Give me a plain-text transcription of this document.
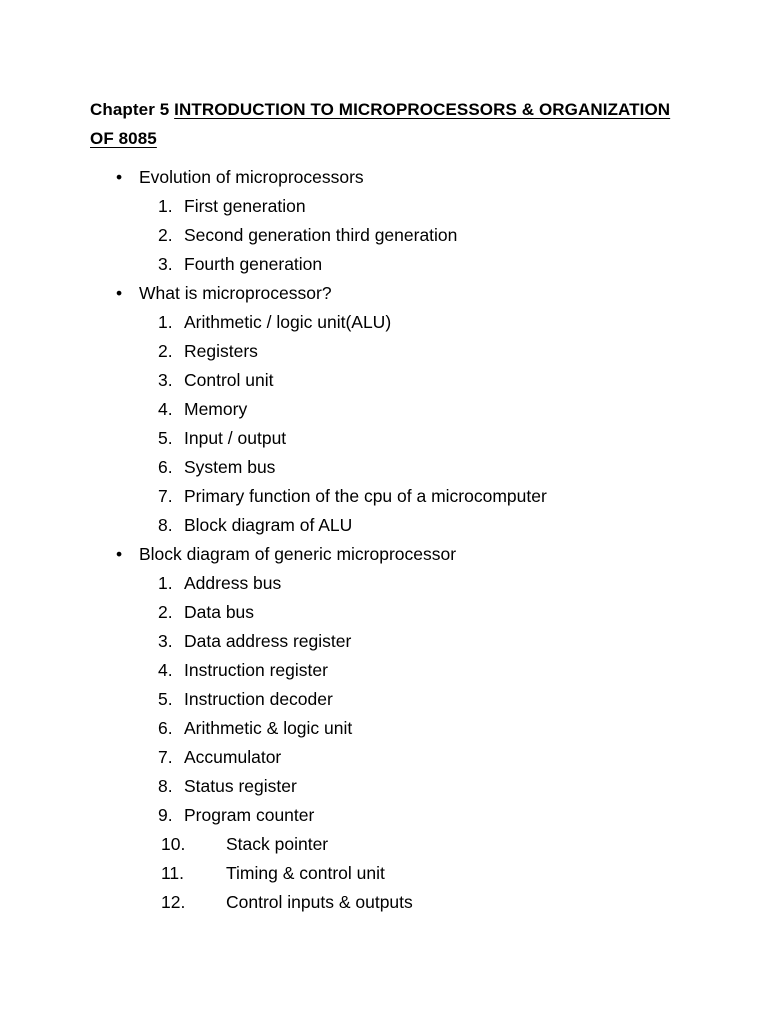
Chapter 5 INTRODUCTION TO MICROPROCESSORS & ORGANIZATION
OF 8085
• Evolution of microprocessors
1. First generation
2. Second generation third generation
3. Fourth generation
• What is microprocessor?
1. Arithmetic / logic unit(ALU)
2. Registers
3. Control unit
4. Memory
5. Input / output
6. System bus
7. Primary function of the cpu of a microcomputer
8. Block diagram of ALU
• Block diagram of generic microprocessor
1. Address bus
2. Data bus
3. Data address register
4. Instruction register
5. Instruction decoder
6. Arithmetic & logic unit
7. Accumulator
8. Status register
9. Program counter
10. Stack pointer
11. Timing & control unit
12. Control inputs & outputs
